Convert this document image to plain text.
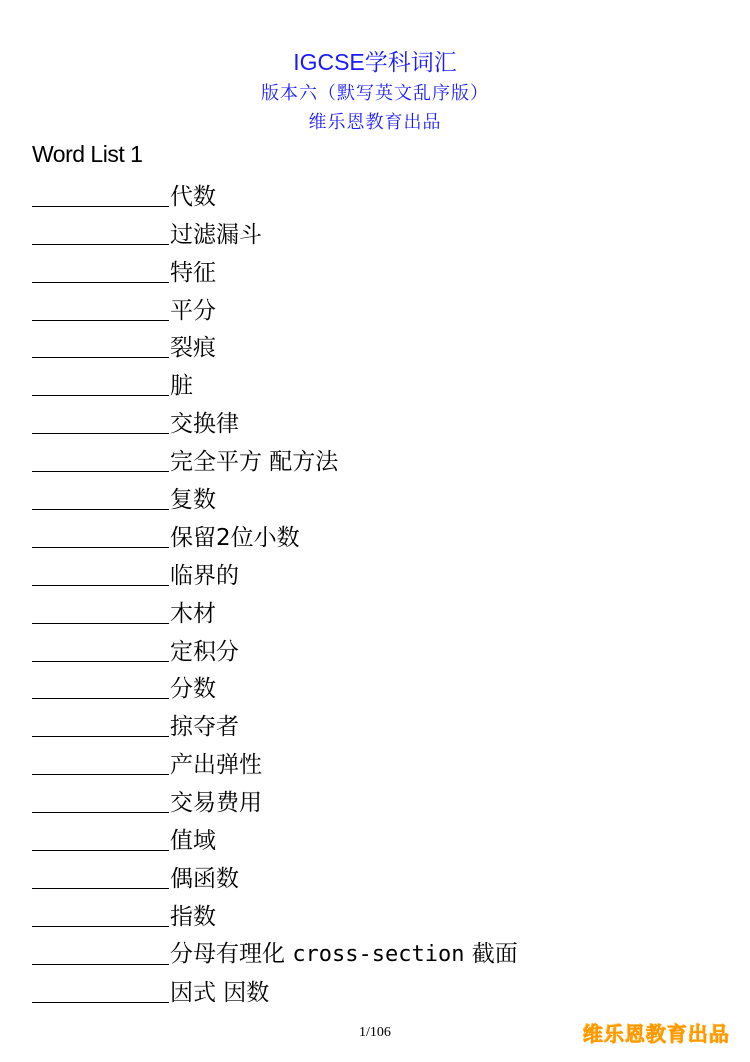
IGCSE学科词汇
版本六（默写英文乱序版）
维乐恩教育出品
Word List 1
代数
过滤漏斗
特征
平分
裂痕
脏
交换律
完全平方 配方法
复数
保留2位小数
临界的
木材
定积分
分数
掠夺者
产出弹性
交易费用
值域
偶函数
指数
分母有理化 cross-section 截面
因式 因数
1/106	维乐恩教育出品
